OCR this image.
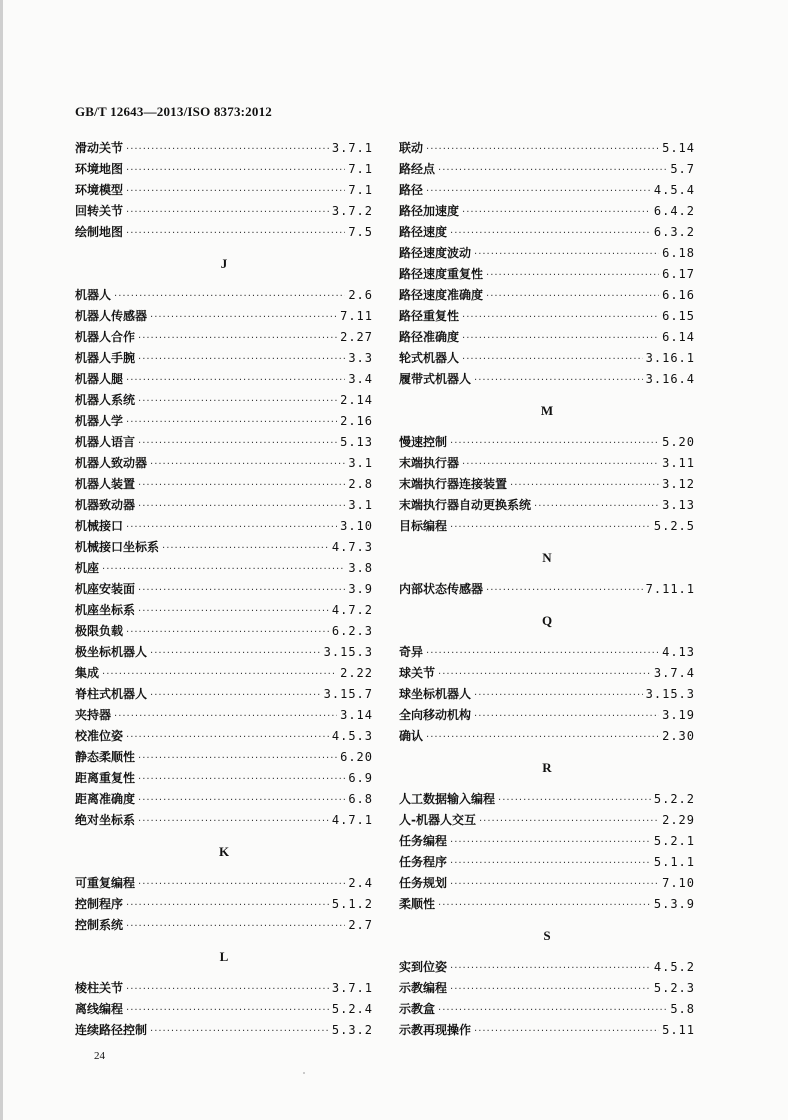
GB/T 12643—2013/ISO 8373:2012
滑动关节 ·····	3.7.1
环境地图 ·····	7.1
环境模型 ·····	7.1
回转关节 ·····	3.7.2
绘制地图 ·····	7.5
J
机器人 ·····	2.6
机器人传感器 ·····	7.11
机器人合作 ·····	2.27
机器人手腕 ·····	3.3
机器人腿 ·····	3.4
机器人系统 ·····	2.14
机器人学 ·····	2.16
机器人语言 ·····	5.13
机器人致动器 ·····	3.1
机器人装置 ·····	2.8
机器致动器 ·····	3.1
机械接口 ·····	3.10
机械接口坐标系 ·····	4.7.3
机座 ·····	3.8
机座安装面 ·····	3.9
机座坐标系 ·····	4.7.2
极限负载 ·····	6.2.3
极坐标机器人 ·····	3.15.3
集成 ·····	2.22
脊柱式机器人 ·····	3.15.7
夹持器 ·····	3.14
校准位姿 ·····	4.5.3
静态柔顺性 ·····	6.20
距离重复性 ·····	6.9
距离准确度 ·····	6.8
绝对坐标系 ·····	4.7.1
K
可重复编程 ·····	2.4
控制程序 ·····	5.1.2
控制系统 ·····	2.7
L
棱柱关节 ·····	3.7.1
离线编程 ·····	5.2.4
连续路径控制 ·····	5.3.2
联动 ·····	5.14
路经点 ·····	5.7
路径 ·····	4.5.4
路径加速度 ·····	6.4.2
路径速度 ·····	6.3.2
路径速度波动 ·····	6.18
路径速度重复性 ·····	6.17
路径速度准确度 ·····	6.16
路径重复性 ·····	6.15
路径准确度 ·····	6.14
轮式机器人 ·····	3.16.1
履带式机器人 ·····	3.16.4
M
慢速控制 ·····	5.20
末端执行器 ·····	3.11
末端执行器连接装置 ·····	3.12
末端执行器自动更换系统 ·····	3.13
目标编程 ·····	5.2.5
N
内部状态传感器 ·····	7.11.1
Q
奇异 ·····	4.13
球关节 ·····	3.7.4
球坐标机器人 ·····	3.15.3
全向移动机构 ·····	3.19
确认 ·····	2.30
R
人工数据输入编程 ·····	5.2.2
人-机器人交互 ·····	2.29
任务编程 ·····	5.2.1
任务程序 ·····	5.1.1
任务规划 ·····	7.10
柔顺性 ·····	5.3.9
S
实到位姿 ·····	4.5.2
示教编程 ·····	5.2.3
示教盒 ·····	5.8
示教再现操作 ·····	5.11
24
